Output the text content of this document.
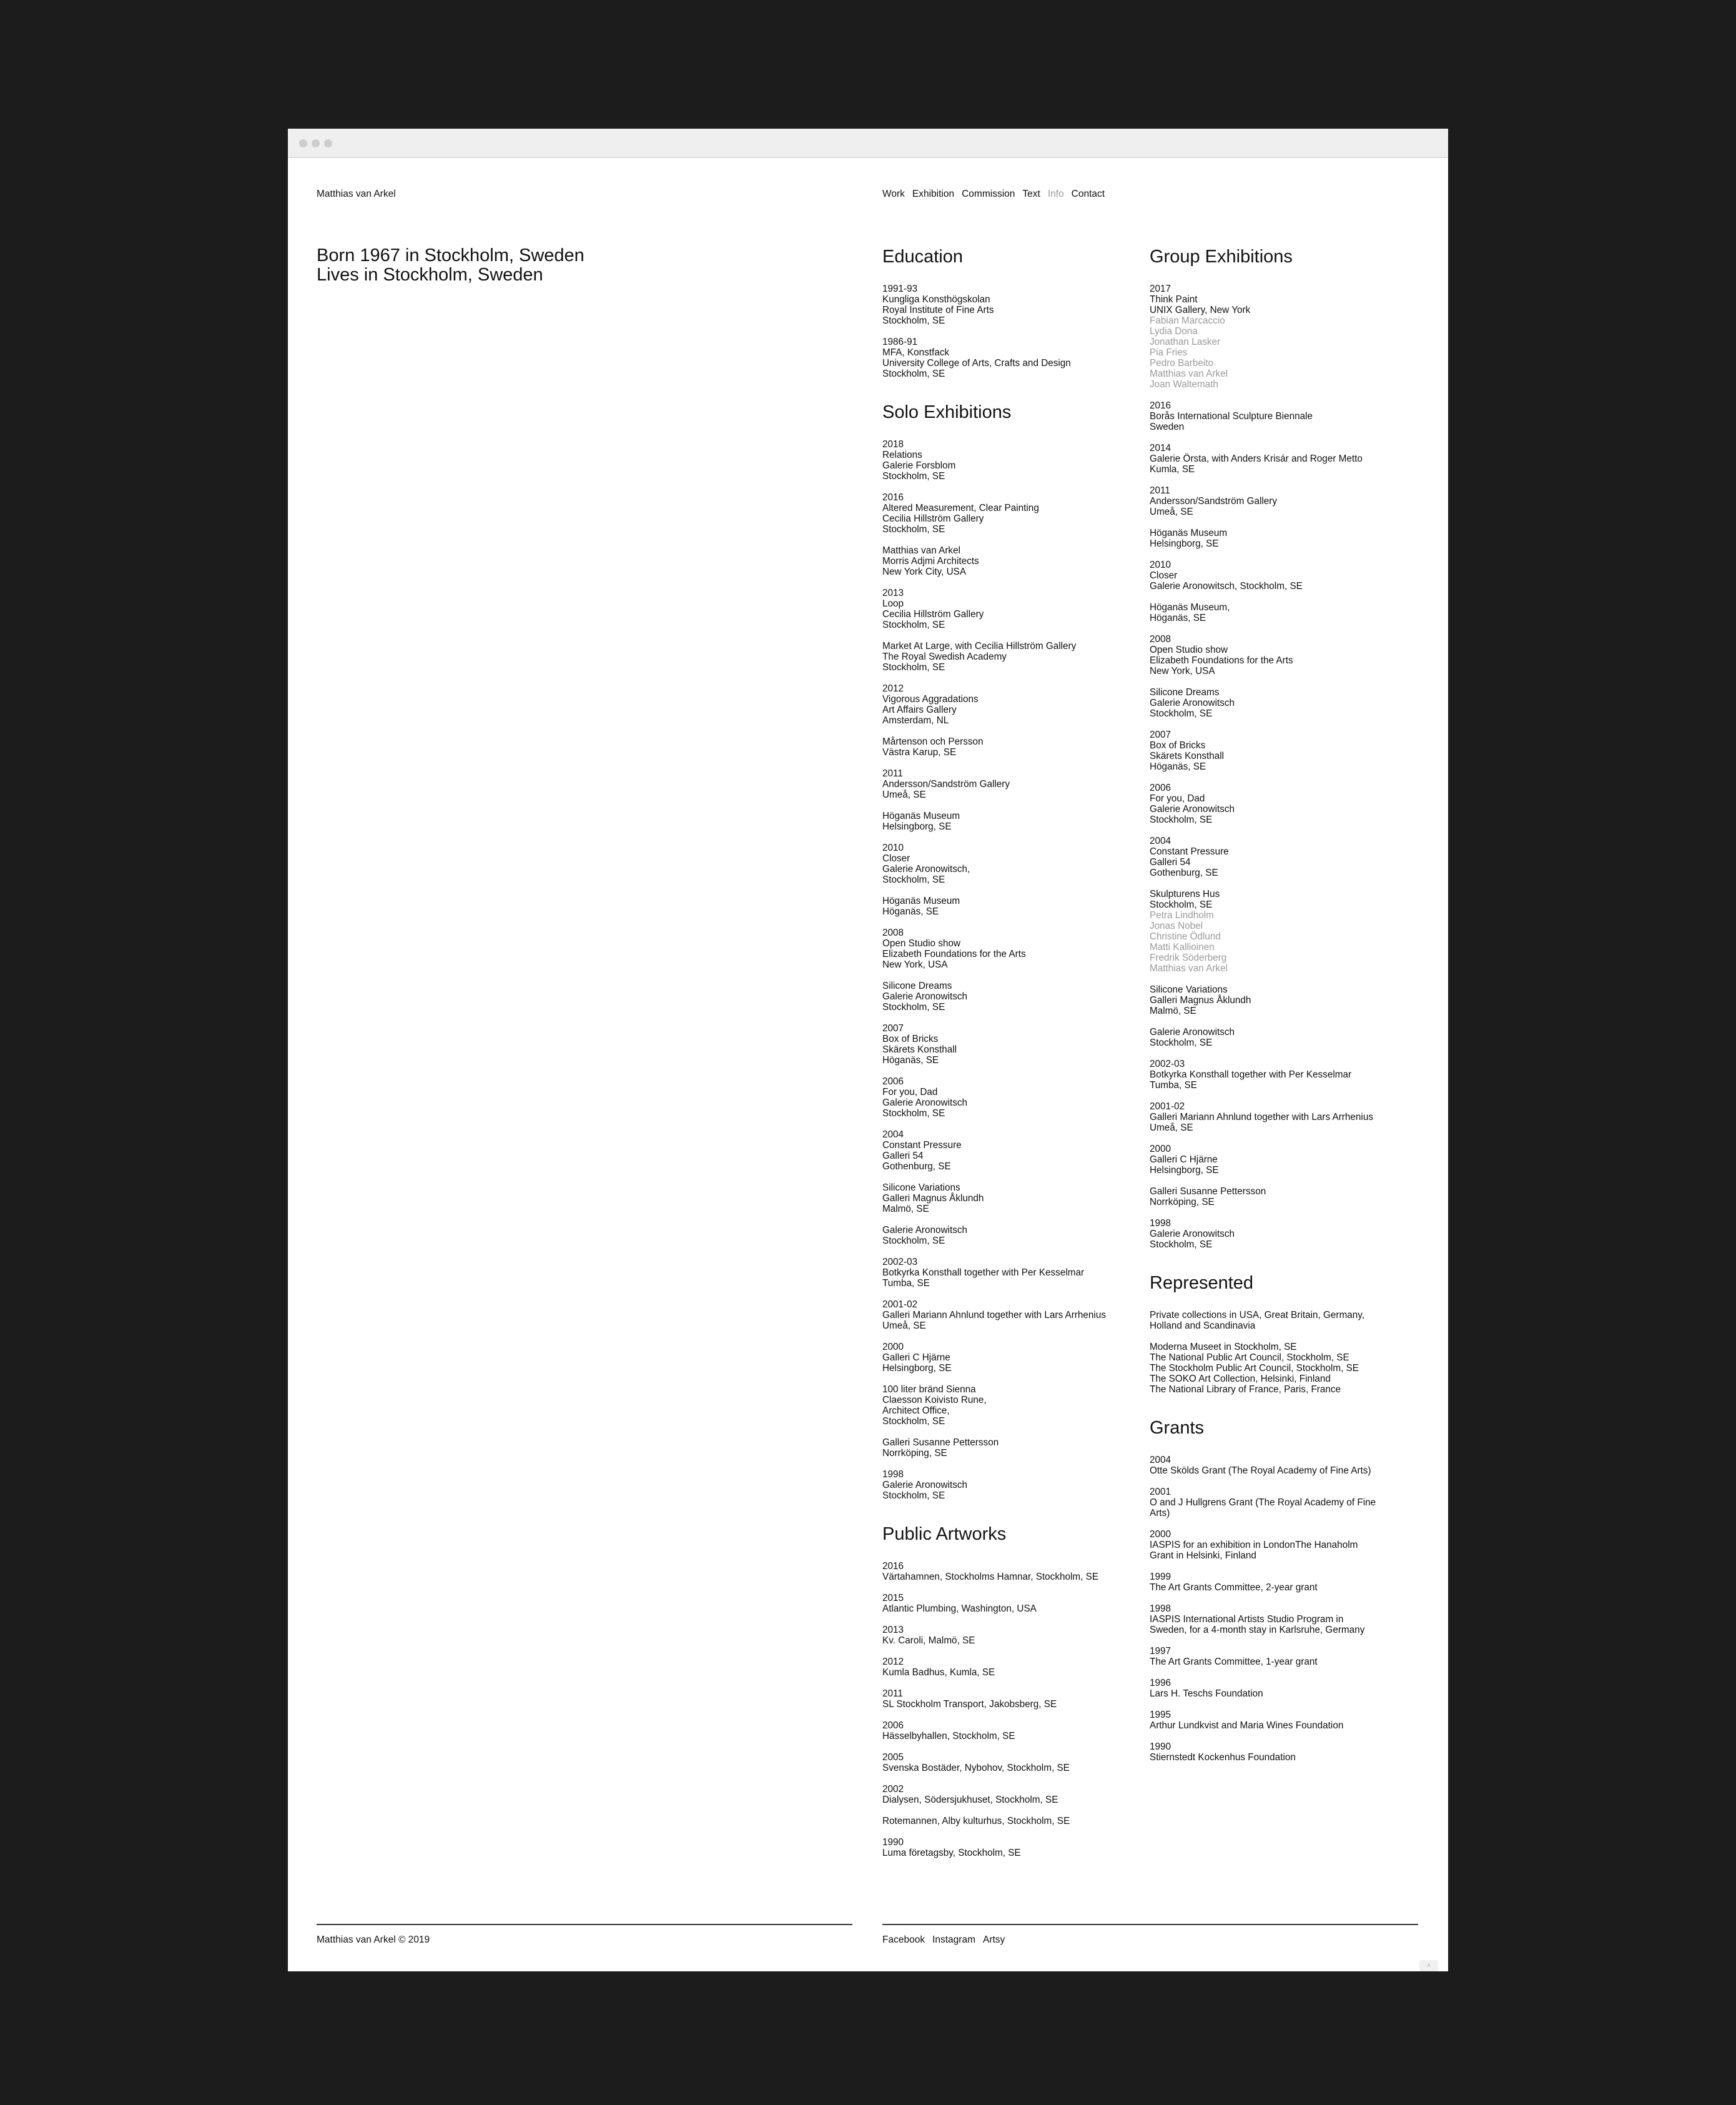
Matthias van Arkel	Work Exhibition Commission Text Info Contact
Born 1967 in Stockholm, Sweden
Lives in Stockholm, Sweden
Education
1991-93
Kungliga Konsthögskolan
Royal Institute of Fine Arts
Stockholm, SE
1986-91
MFA, Konstfack
University College of Arts, Crafts and Design
Stockholm, SE
Solo Exhibitions
2018
Relations
Galerie Forsblom
Stockholm, SE
2016
Altered Measurement, Clear Painting
Cecilia Hillström Gallery
Stockholm, SE
Matthias van Arkel
Morris Adjmi Architects
New York City, USA
2013
Loop
Cecilia Hillström Gallery
Stockholm, SE
Market At Large, with Cecilia Hillström Gallery
The Royal Swedish Academy
Stockholm, SE
2012
Vigorous Aggradations
Art Affairs Gallery
Amsterdam, NL
Mårtenson och Persson
Västra Karup, SE
2011
Andersson/Sandström Gallery
Umeå, SE
Höganäs Museum
Helsingborg, SE
2010
Closer
Galerie Aronowitsch,
Stockholm, SE
Höganäs Museum
Höganäs, SE
2008
Open Studio show
Elizabeth Foundations for the Arts
New York, USA
Silicone Dreams
Galerie Aronowitsch
Stockholm, SE
2007
Box of Bricks
Skärets Konsthall
Höganäs, SE
2006
For you, Dad
Galerie Aronowitsch
Stockholm, SE
2004
Constant Pressure
Galleri 54
Gothenburg, SE
Silicone Variations
Galleri Magnus Åklundh
Malmö, SE
Galerie Aronowitsch
Stockholm, SE
2002-03
Botkyrka Konsthall together with Per Kesselmar
Tumba, SE
2001-02
Galleri Mariann Ahnlund together with Lars Arrhenius
Umeå, SE
2000
Galleri C Hjärne
Helsingborg, SE
100 liter bränd Sienna
Claesson Koivisto Rune,
Architect Office,
Stockholm, SE
Galleri Susanne Pettersson
Norrköping, SE
1998
Galerie Aronowitsch
Stockholm, SE
Public Artworks
2016
Värtahamnen, Stockholms Hamnar, Stockholm, SE
2015
Atlantic Plumbing, Washington, USA
2013
Kv. Caroli, Malmö, SE
2012
Kumla Badhus, Kumla, SE
2011
SL Stockholm Transport, Jakobsberg, SE
2006
Hässelbyhallen, Stockholm, SE
2005
Svenska Bostäder, Nybohov, Stockholm, SE
2002
Dialysen, Södersjukhuset, Stockholm, SE
Rotemannen, Alby kulturhus, Stockholm, SE
1990
Luma företagsby, Stockholm, SE
Group Exhibitions
2017
Think Paint
UNIX Gallery, New York
Fabian Marcaccio
Lydia Dona
Jonathan Lasker
Pia Fries
Pedro Barbeito
Matthias van Arkel
Joan Waltemath
2016
Borås International Sculpture Biennale
Sweden
2014
Galerie Örsta, with Anders Krisár and Roger Metto
Kumla, SE
2011
Andersson/Sandström Gallery
Umeå, SE
Höganäs Museum
Helsingborg, SE
2010
Closer
Galerie Aronowitsch, Stockholm, SE
Höganäs Museum,
Höganäs, SE
2008
Open Studio show
Elizabeth Foundations for the Arts
New York, USA
Silicone Dreams
Galerie Aronowitsch
Stockholm, SE
2007
Box of Bricks
Skärets Konsthall
Höganäs, SE
2006
For you, Dad
Galerie Aronowitsch
Stockholm, SE
2004
Constant Pressure
Galleri 54
Gothenburg, SE
Skulpturens Hus
Stockholm, SE
Petra Lindholm
Jonas Nobel
Christine Ödlund
Matti Kallioinen
Fredrik Söderberg
Matthias van Arkel
Silicone Variations
Galleri Magnus Åklundh
Malmö, SE
Galerie Aronowitsch
Stockholm, SE
2002-03
Botkyrka Konsthall together with Per Kesselmar
Tumba, SE
2001-02
Galleri Mariann Ahnlund together with Lars Arrhenius
Umeå, SE
2000
Galleri C Hjärne
Helsingborg, SE
Galleri Susanne Pettersson
Norrköping, SE
1998
Galerie Aronowitsch
Stockholm, SE
Represented
Private collections in USA, Great Britain, Germany,
Holland and Scandinavia
Moderna Museet in Stockholm, SE
The National Public Art Council, Stockholm, SE
The Stockholm Public Art Council, Stockholm, SE
The SOKO Art Collection, Helsinki, Finland
The National Library of France, Paris, France
Grants
2004
Otte Skölds Grant (The Royal Academy of Fine Arts)
2001
O and J Hullgrens Grant (The Royal Academy of Fine
Arts)
2000
IASPIS for an exhibition in LondonThe Hanaholm
Grant in Helsinki, Finland
1999
The Art Grants Committee, 2-year grant
1998
IASPIS International Artists Studio Program in
Sweden, for a 4-month stay in Karlsruhe, Germany
1997
The Art Grants Committee, 1-year grant
1996
Lars H. Teschs Foundation
1995
Arthur Lundkvist and Maria Wines Foundation
1990
Stiernstedt Kockenhus Foundation
Matthias van Arkel © 2019	Facebook Instagram Artsy
^
